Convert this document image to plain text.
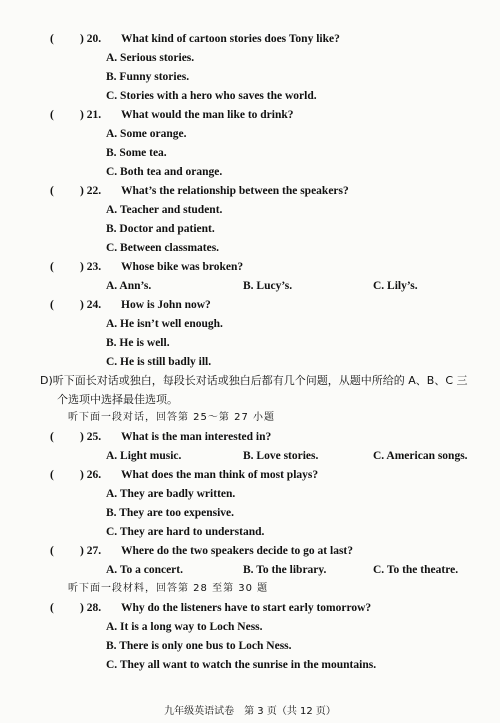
( ) 20. What kind of cartoon stories does Tony like?
A. Serious stories.
B. Funny stories.
C. Stories with a hero who saves the world.
( ) 21. What would the man like to drink?
A. Some orange.
B. Some tea.
C. Both tea and orange.
( ) 22. What’s the relationship between the speakers?
A. Teacher and student.
B. Doctor and patient.
C. Between classmates.
( ) 23. Whose bike was broken?
A. Ann’s.	B. Lucy’s.	C. Lily’s.
( ) 24. How is John now?
A. He isn’t well enough.
B. He is well.
C. He is still badly ill.
D)听下面长对话或独白，每段长对话或独白后都有几个问题，从题中所给的 A、B、C 三
个选项中选择最佳选项。
听下面一段对话，回答第 25～第 27 小题
( ) 25. What is the man interested in?
A. Light music.	B. Love stories.	C. American songs.
( ) 26. What does the man think of most plays?
A. They are badly written.
B. They are too expensive.
C. They are hard to understand.
( ) 27. Where do the two speakers decide to go at last?
A. To a concert.	B. To the library.	C. To the theatre.
听下面一段材料，回答第 28 至第 30 题
( ) 28. Why do the listeners have to start early tomorrow?
A. It is a long way to Loch Ness.
B. There is only one bus to Loch Ness.
C. They all want to watch the sunrise in the mountains.
九年级英语试卷　第 3 页（共 12 页）
